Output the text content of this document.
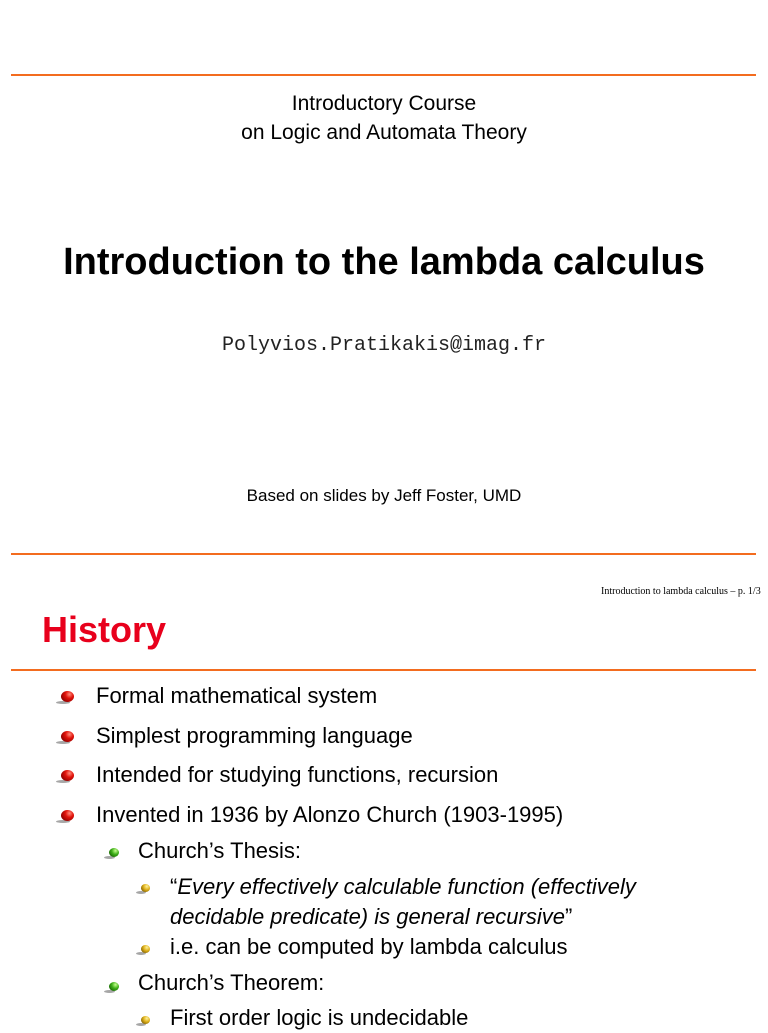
Introductory Course
on Logic and Automata Theory
Introduction to the lambda calculus
Polyvios.Pratikakis@imag.fr
Based on slides by Jeff Foster, UMD
Introduction to lambda calculus – p. 1/3
History
Formal mathematical system
Simplest programming language
Intended for studying functions, recursion
Invented in 1936 by Alonzo Church (1903-1995)
Church’s Thesis:
“Every effectively calculable function (effectively
decidable predicate) is general recursive”
i.e. can be computed by lambda calculus
Church’s Theorem:
First order logic is undecidable
